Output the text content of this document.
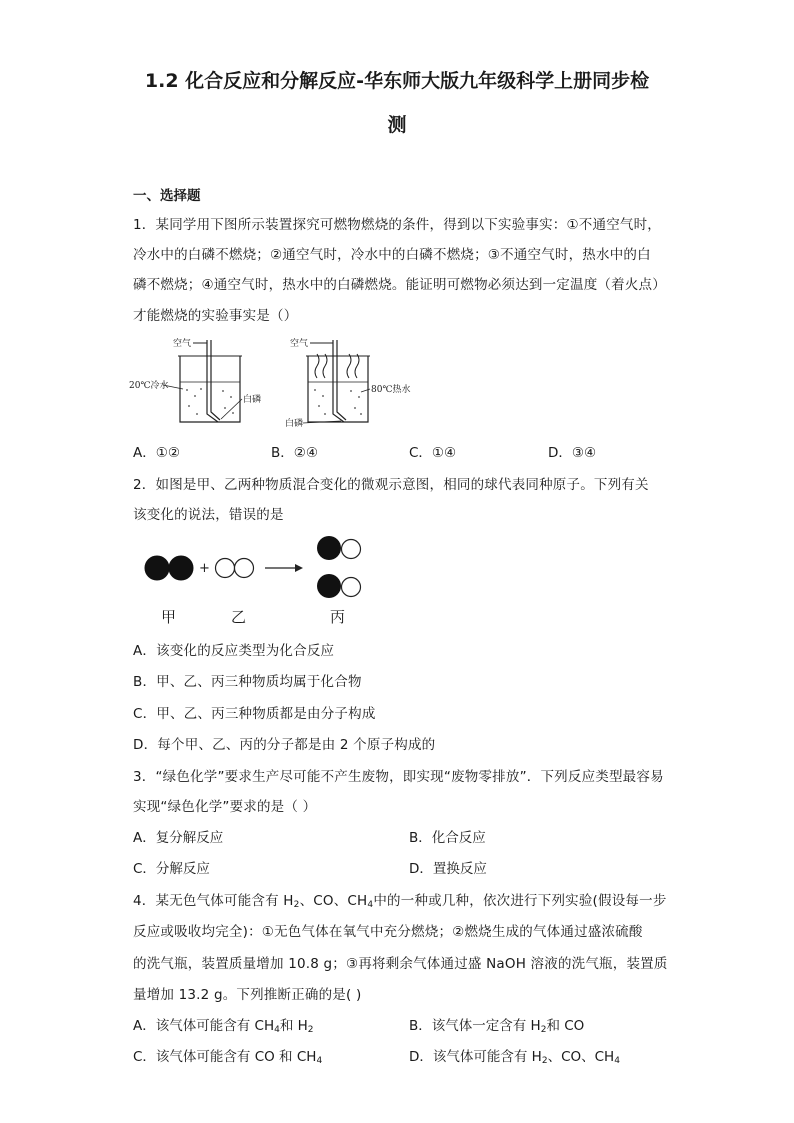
1.2 化合反应和分解反应-华东师大版九年级科学上册同步检
测
一、选择题
1．某同学用下图所示装置探究可燃物燃烧的条件，得到以下实验事实：①不通空气时，
冷水中的白磷不燃烧；②通空气时，冷水中的白磷不燃烧；③不通空气时，热水中的白
磷不燃烧；④通空气时，热水中的白磷燃烧。能证明可燃物必须达到一定温度（着火点）
才能燃烧的实验事实是（）
空气
20℃冷水
白磷
空气
80℃热水
白磷
A．①②	B．②④	C．①④	D．③④
2．如图是甲、乙两种物质混合变化的微观示意图，相同的球代表同种原子。下列有关
该变化的说法，错误的是
+
甲	乙	丙
A．该变化的反应类型为化合反应
B．甲、乙、丙三种物质均属于化合物
C．甲、乙、丙三种物质都是由分子构成
D．每个甲、乙、丙的分子都是由 2 个原子构成的
3．“绿色化学”要求生产尽可能不产生废物，即实现“废物零排放”．下列反应类型最容易
实现“绿色化学”要求的是（ ）
A．复分解反应	B．化合反应
C．分解反应	D．置换反应
4．某无色气体可能含有 $H_2$、CO、$CH_4$中的一种或几种，依次进行下列实验(假设每一步
反应或吸收均完全)：①无色气体在氧气中充分燃烧；②燃烧生成的气体通过盛浓硫酸
的洗气瓶，装置质量增加 10.8 g；③再将剩余气体通过盛 NaOH 溶液的洗气瓶，装置质
量增加 13.2 g。下列推断正确的是( )
A．该气体可能含有 $CH_4$和 $H_2$	B．该气体一定含有 $H_2$和 CO
C．该气体可能含有 CO 和 $CH_4$	D．该气体可能含有 $H_2$、CO、$CH_4$
